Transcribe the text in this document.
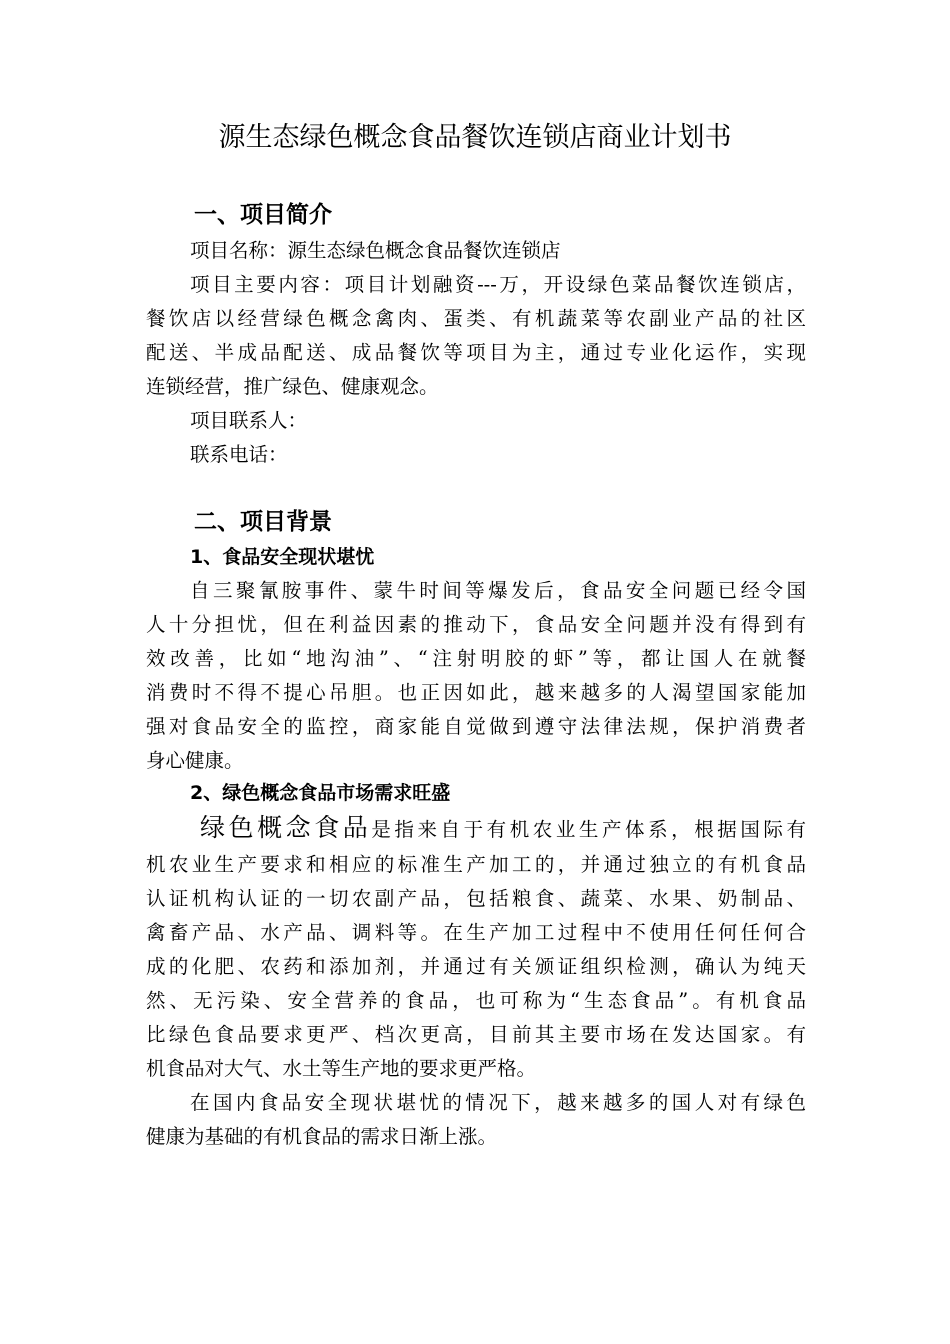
源生态绿色概念食品餐饮连锁店商业计划书
一、项目简介

项目名称：源生态绿色概念食品餐饮连锁店

项目主要内容：项目计划融资---万，开设绿色菜品餐饮连锁店，

餐饮店以经营绿色概念禽肉、蛋类、有机蔬菜等农副业产品的社区

配送、半成品配送、成品餐饮等项目为主，通过专业化运作，实现

连锁经营，推广绿色、健康观念。

项目联系人：

联系电话：

二、项目背景
1、食品安全现状堪忧

自三聚氰胺事件、蒙牛时间等爆发后，食品安全问题已经令国

人十分担忧，但在利益因素的推动下，食品安全问题并没有得到有

效改善，比如“地沟油”、“注射明胶的虾”等，都让国人在就餐

消费时不得不提心吊胆。也正因如此，越来越多的人渴望国家能加

强对食品安全的监控，商家能自觉做到遵守法律法规，保护消费者

身心健康。

2、绿色概念食品市场需求旺盛

绿色概念食品是指来自于有机农业生产体系，根据国际有

机农业生产要求和相应的标准生产加工的，并通过独立的有机食品

认证机构认证的一切农副产品，包括粮食、蔬菜、水果、奶制品、

禽畜产品、水产品、调料等。在生产加工过程中不使用任何任何合

成的化肥、农药和添加剂，并通过有关颁证组织检测，确认为纯天

然、无污染、安全营养的食品，也可称为“生态食品”。有机食品

比绿色食品要求更严、档次更高，目前其主要市场在发达国家。有

机食品对大气、水土等生产地的要求更严格。

在国内食品安全现状堪忧的情况下，越来越多的国人对有绿色

健康为基础的有机食品的需求日渐上涨。
